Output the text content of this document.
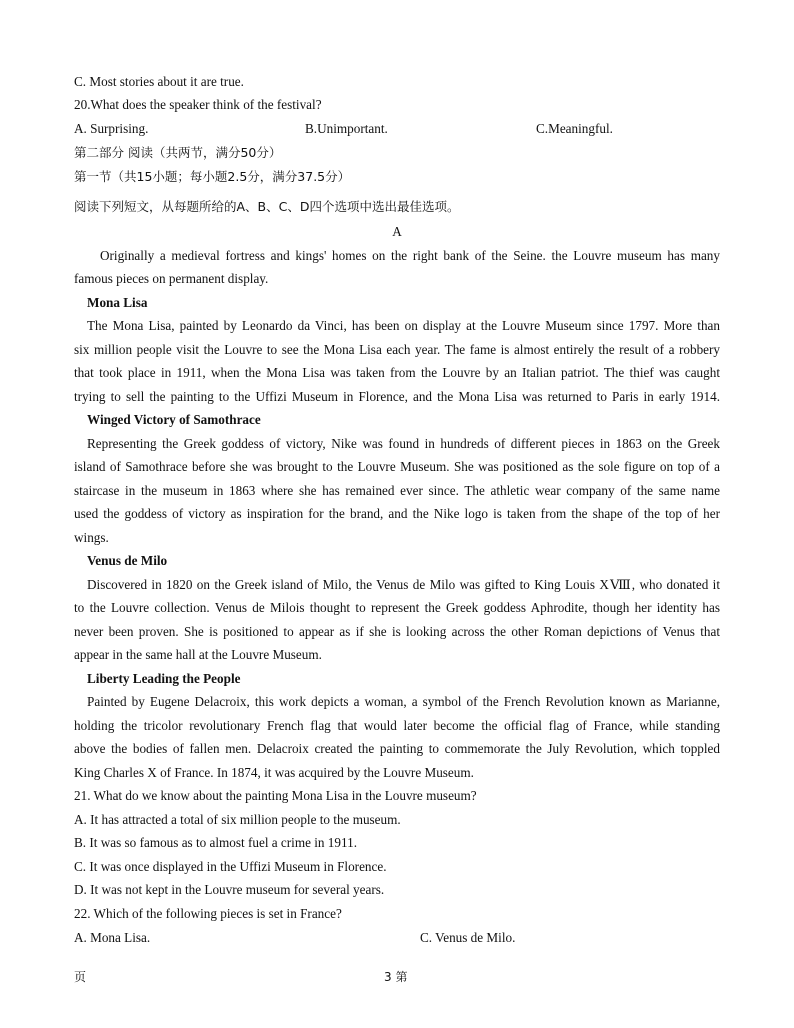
C. Most stories about it are true.
20.What does the speaker think of the festival?
A. Surprising.	B.Unimportant.	C.Meaningful.
第二部分 阅读（共两节，满分50分）
第一节（共15小题；每小题2.5分，满分37.5分）
阅读下列短文，从每题所给的A、B、C、D四个选项中选出最佳选项。
A
Originally a medieval fortress and kings' homes on the right bank of the Seine. the Louvre museum has many
famous pieces on permanent display.
Mona Lisa
The Mona Lisa, painted by Leonardo da Vinci, has been on display at the Louvre Museum since 1797. More than
six million people visit the Louvre to see the Mona Lisa each year. The fame is almost entirely the result of a robbery
that took place in 1911, when the Mona Lisa was taken from the Louvre by an Italian patriot. The thief was caught
trying to sell the painting to the Uffizi Museum in Florence, and the Mona Lisa was returned to Paris in early 1914.
Winged Victory of Samothrace
Representing the Greek goddess of victory, Nike was found in hundreds of different pieces in 1863 on the Greek
island of Samothrace before she was brought to the Louvre Museum. She was positioned as the sole figure on top of a
staircase in the museum in 1863 where she has remained ever since. The athletic wear company of the same name
used the goddess of victory as inspiration for the brand, and the Nike logo is taken from the shape of the top of her
wings.
Venus de Milo
Discovered in 1820 on the Greek island of Milo, the Venus de Milo was gifted to King Louis XⅧ, who donated it
to the Louvre collection. Venus de Milois thought to represent the Greek goddess Aphrodite, though her identity has
never been proven. She is positioned to appear as if she is looking across the other Roman depictions of Venus that
appear in the same hall at the Louvre Museum.
Liberty Leading the People
Painted by Eugene Delacroix, this work depicts a woman, a symbol of the French Revolution known as Marianne,
holding the tricolor revolutionary French flag that would later become the official flag of France, while standing
above the bodies of fallen men. Delacroix created the painting to commemorate the July Revolution, which toppled
King Charles X of France. In 1874, it was acquired by the Louvre Museum.
21. What do we know about the painting Mona Lisa in the Louvre museum?
A. It has attracted a total of six million people to the museum.
B. It was so famous as to almost fuel a crime in 1911.
C. It was once displayed in the Uffizi Museum in Florence.
D. It was not kept in the Louvre museum for several years.
22. Which of the following pieces is set in France?
A. Mona Lisa.	C. Venus de Milo.
页	3 第
